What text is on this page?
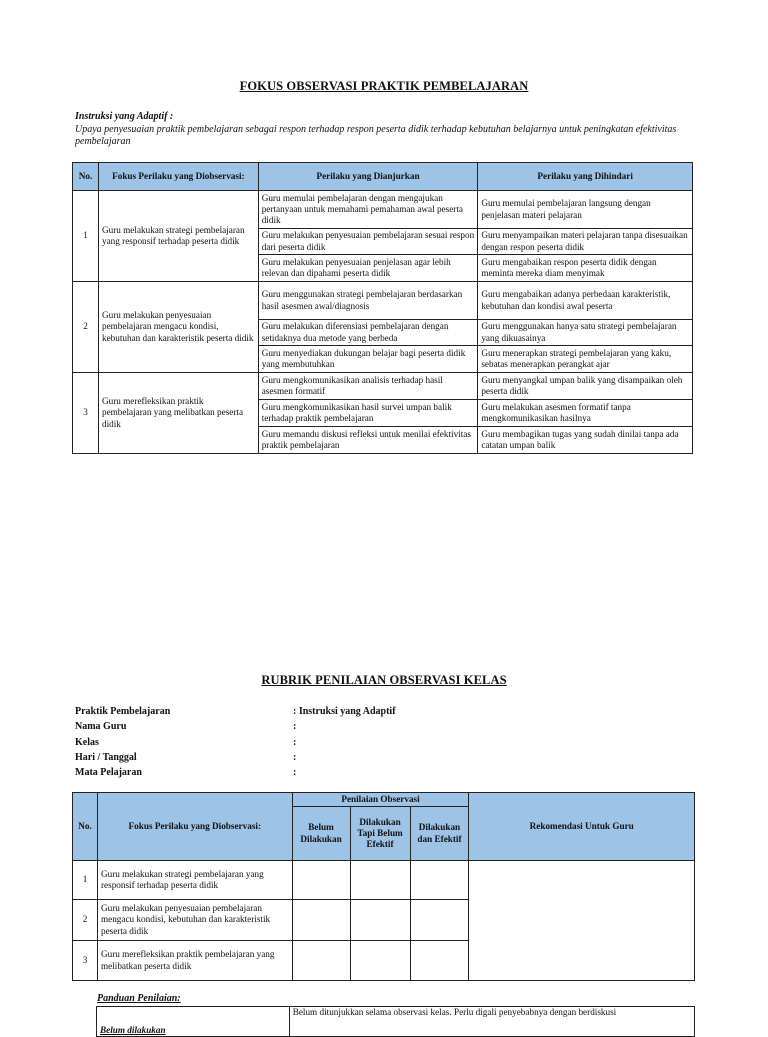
FOKUS OBSERVASI PRAKTIK PEMBELAJARAN
Instruksi yang Adaptif :
Upaya penyesuaian praktik pembelajaran sebagai respon terhadap respon peserta didik terhadap kebutuhan belajarnya untuk peningkatan efektivitas pembelajaran
No.	Fokus Perilaku yang Diobservasi:	Perilaku yang Dianjurkan	Perilaku yang Dihindari
1	Guru melakukan strategi pembelajaran yang responsif terhadap peserta didik	Guru memulai pembelajaran dengan mengajukan pertanyaan untuk memahami pemahaman awal peserta didik	Guru memulai pembelajaran langsung dengan penjelasan materi pelajaran
		Guru melakukan penyesuaian pembelajaran sesuai respon dari peserta didik	Guru menyampaikan materi pelajaran tanpa disesuaikan dengan respon peserta didik
		Guru melakukan penyesuaian penjelasan agar lebih relevan dan dipahami peserta didik	Guru mengabaikan respon peserta didik dengan meminta mereka diam menyimak
2	Guru melakukan penyesuaian pembelajaran mengacu kondisi, kebutuhan dan karakteristik peserta didik	Guru menggunakan strategi pembelajaran berdasarkan hasil asesmen awal/diagnosis	Guru mengabaikan adanya perbedaan karakteristik, kebutuhan dan kondisi awal peserta
		Guru melakukan diferensiasi pembelajaran dengan setidaknya dua metode yang berbeda	Guru menggunakan hanya satu strategi pembelajaran yang dikuasainya
		Guru menyediakan dukungan belajar bagi peserta didik yang membutuhkan	Guru menerapkan strategi pembelajaran yang kaku, sebatas menerapkan perangkat ajar
3	Guru merefleksikan praktik pembelajaran yang melibatkan peserta didik	Guru mengkomunikasikan analisis terhadap hasil asesmen formatif	Guru menyangkal umpan balik yang disampaikan oleh peserta didik
		Guru mengkomunikasikan hasil survei umpan balik terhadap praktik pembelajaran	Guru melakukan asesmen formatif tanpa mengkomunikasikan hasilnya
		Guru memandu diskusi refleksi untuk menilai efektivitas praktik pembelajaran	Guru membagikan tugas yang sudah dinilai tanpa ada catatan umpan balik
RUBRIK PENILAIAN OBSERVASI KELAS
Praktik Pembelajaran	: Instruksi yang Adaptif
Nama Guru	:
Kelas	:
Hari / Tanggal	:
Mata Pelajaran	:
No.	Fokus Perilaku yang Diobservasi:	Penilaian Observasi			Rekomendasi Untuk Guru
		Belum Dilakukan	Dilakukan Tapi Belum Efektif	Dilakukan dan Efektif	
1	Guru melakukan strategi pembelajaran yang responsif terhadap peserta didik				
2	Guru melakukan penyesuaian pembelajaran mengacu kondisi, kebutuhan dan karakteristik peserta didik				
3	Guru merefleksikan praktik pembelajaran yang melibatkan peserta didik				
Panduan Penilaian:
Belum dilakukan	Belum ditunjukkan selama observasi kelas. Perlu digali penyebabnya dengan berdiskusi
